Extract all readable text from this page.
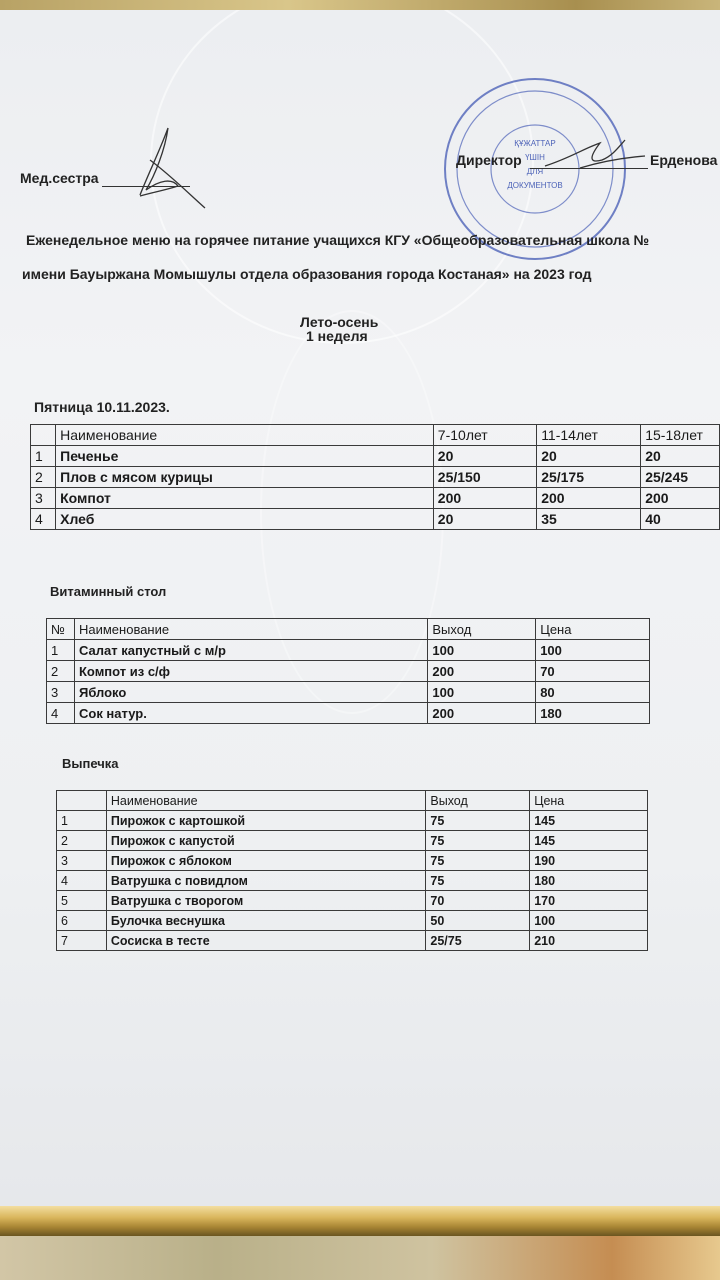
Мед.сестра
ҚҰЖАТТАР
ҮШІН
ДЛЯ
ДОКУМЕНТОВ
Директор	Ерденова
Еженедельное меню на горячее питание учащихся КГУ «Общеобразовательная школа №
имени Бауыржана Момышулы отдела образования города Костаная» на 2023 год
Лето-осень
1 неделя
Пятница 10.11.2023.
	Наименование	7-10лет	11-14лет	15-18лет
1	Печенье	20	20	20
2	Плов с мясом курицы	25/150	25/175	25/245
3	Компот	200	200	200
4	Хлеб	20	35	40
Витаминный стол
№	Наименование	Выход	Цена
1	Салат капустный с м/р	100	100
2	Компот из с/ф	200	70
3	Яблоко	100	80
4	Сок натур.	200	180
Выпечка
	Наименование	Выход	Цена
1	Пирожок с картошкой	75	145
2	Пирожок с капустой	75	145
3	Пирожок с яблоком	75	190
4	Ватрушка с повидлом	75	180
5	Ватрушка с творогом	70	170
6	Булочка веснушка	50	100
7	Сосиска в тесте	25/75	210
